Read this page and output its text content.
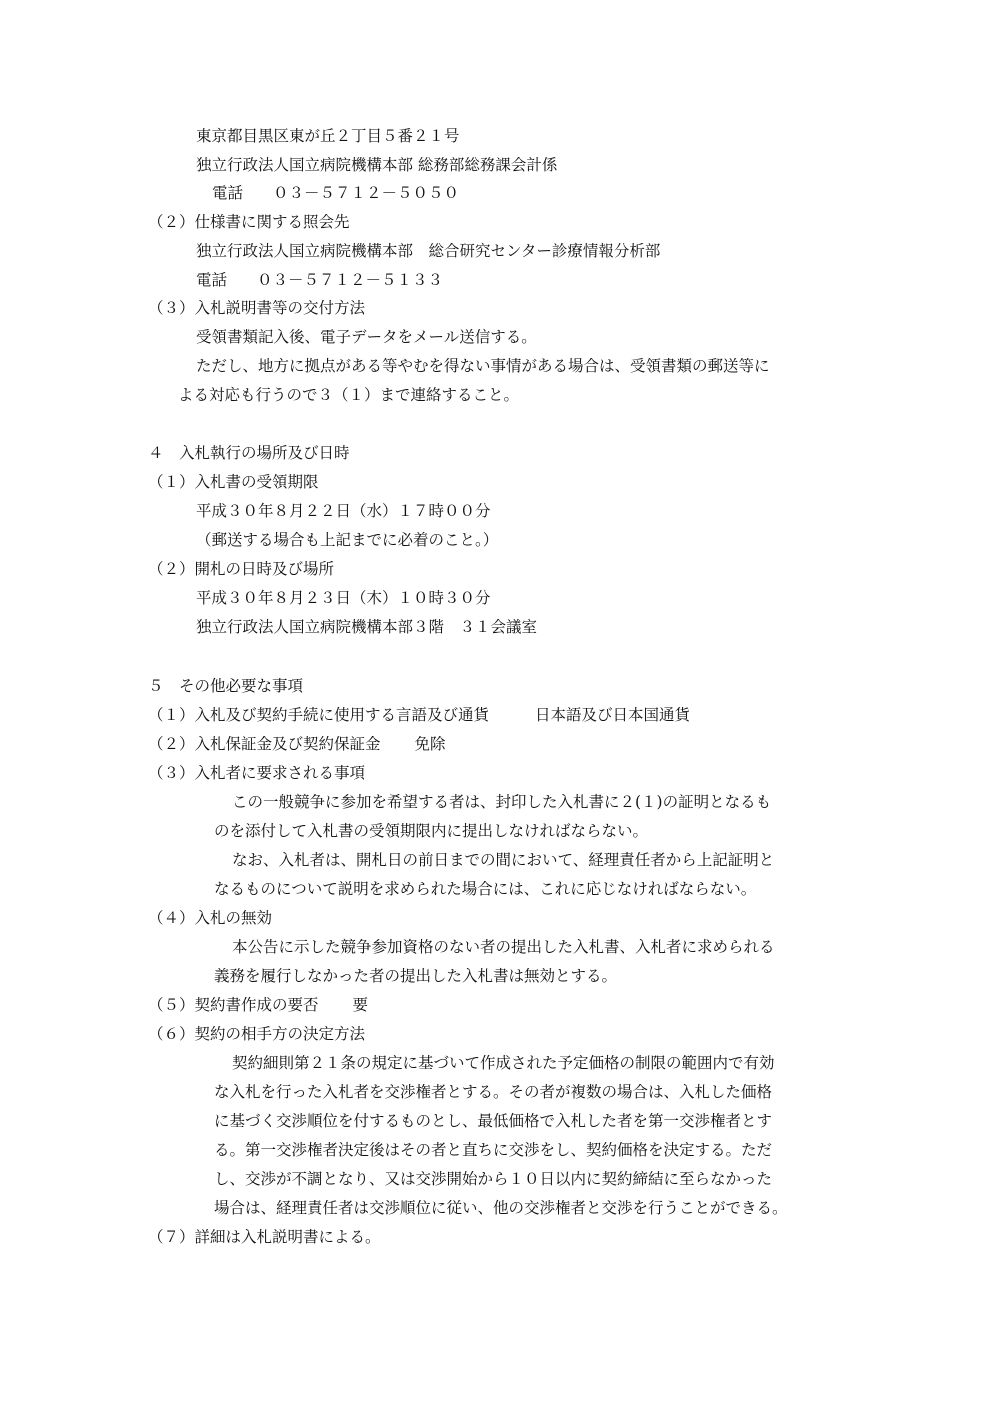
東京都目黒区東が丘２丁目５番２１号
独立行政法人国立病院機構本部 総務部総務課会計係
電話 ０３－５７１２－５０５０
（２）仕様書に関する照会先
独立行政法人国立病院機構本部　総合研究センター診療情報分析部
電話 ０３－５７１２－５１３３
（３）入札説明書等の交付方法
受領書類記入後、電子データをメール送信する。
ただし、地方に拠点がある等やむを得ない事情がある場合は、受領書類の郵送等に
よる対応も行うので３（１）まで連絡すること。
４　入札執行の場所及び日時
（１）入札書の受領期限
平成３０年８月２２日（水）１７時００分
（郵送する場合も上記までに必着のこと。）
（２）開札の日時及び場所
平成３０年８月２３日（木）１０時３０分
独立行政法人国立病院機構本部３階　３１会議室
５　その他必要な事項
（１）入札及び契約手続に使用する言語及び通貨	日本語及び日本国通貨
（２）入札保証金及び契約保証金 免除
（３）入札者に要求される事項
この一般競争に参加を希望する者は、封印した入札書に２(１)の証明となるも
のを添付して入札書の受領期限内に提出しなければならない。
なお、入札者は、開札日の前日までの間において、経理責任者から上記証明と
なるものについて説明を求められた場合には、これに応じなければならない。
（４）入札の無効
本公告に示した競争参加資格のない者の提出した入札書、入札者に求められる
義務を履行しなかった者の提出した入札書は無効とする。
（５）契約書作成の要否 要
（６）契約の相手方の決定方法
契約細則第２１条の規定に基づいて作成された予定価格の制限の範囲内で有効
な入札を行った入札者を交渉権者とする。その者が複数の場合は、入札した価格
に基づく交渉順位を付するものとし、最低価格で入札した者を第一交渉権者とす
る。第一交渉権者決定後はその者と直ちに交渉をし、契約価格を決定する。ただ
し、交渉が不調となり、又は交渉開始から１０日以内に契約締結に至らなかった
場合は、経理責任者は交渉順位に従い、他の交渉権者と交渉を行うことができる。
（７）詳細は入札説明書による。
